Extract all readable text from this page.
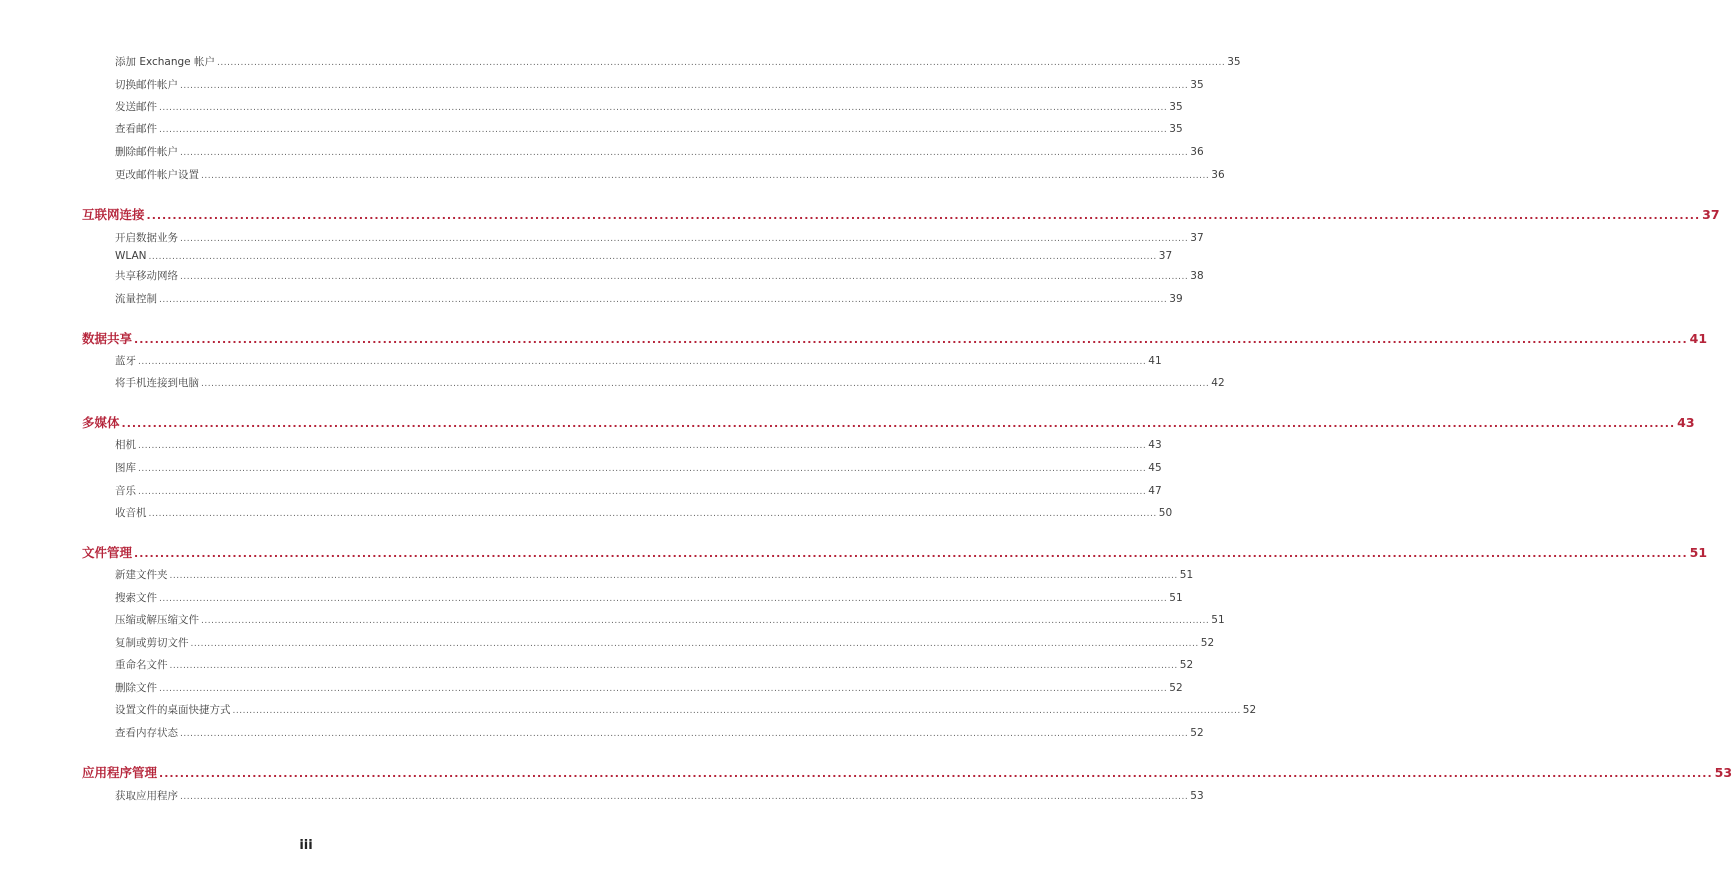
添加 Exchange 帐户 ............................................................................................................................................................................................................................................................................................................ 35
切换邮件帐户 ............................................................................................................................................................................................................................................................................................................ 35
发送邮件 ............................................................................................................................................................................................................................................................................................................ 35
查看邮件 ............................................................................................................................................................................................................................................................................................................ 35
删除邮件帐户 ............................................................................................................................................................................................................................................................................................................ 36
更改邮件帐户设置 ............................................................................................................................................................................................................................................................................................................ 36
互联网连接 ............................................................................................................................................................................................................................................................................................................ 37
开启数据业务 ............................................................................................................................................................................................................................................................................................................ 37
WLAN ............................................................................................................................................................................................................................................................................................................ 37
共享移动网络 ............................................................................................................................................................................................................................................................................................................ 38
流量控制 ............................................................................................................................................................................................................................................................................................................ 39
数据共享 ............................................................................................................................................................................................................................................................................................................ 41
蓝牙 ............................................................................................................................................................................................................................................................................................................ 41
将手机连接到电脑 ............................................................................................................................................................................................................................................................................................................ 42
多媒体 ............................................................................................................................................................................................................................................................................................................ 43
相机 ............................................................................................................................................................................................................................................................................................................ 43
图库 ............................................................................................................................................................................................................................................................................................................ 45
音乐 ............................................................................................................................................................................................................................................................................................................ 47
收音机 ............................................................................................................................................................................................................................................................................................................ 50
文件管理 ............................................................................................................................................................................................................................................................................................................ 51
新建文件夹 ............................................................................................................................................................................................................................................................................................................ 51
搜索文件 ............................................................................................................................................................................................................................................................................................................ 51
压缩或解压缩文件 ............................................................................................................................................................................................................................................................................................................ 51
复制或剪切文件 ............................................................................................................................................................................................................................................................................................................ 52
重命名文件 ............................................................................................................................................................................................................................................................................................................ 52
删除文件 ............................................................................................................................................................................................................................................................................................................ 52
设置文件的桌面快捷方式 ............................................................................................................................................................................................................................................................................................................ 52
查看内存状态 ............................................................................................................................................................................................................................................................................................................ 52
应用程序管理 ............................................................................................................................................................................................................................................................................................................ 53
获取应用程序 ............................................................................................................................................................................................................................................................................................................ 53
iii
